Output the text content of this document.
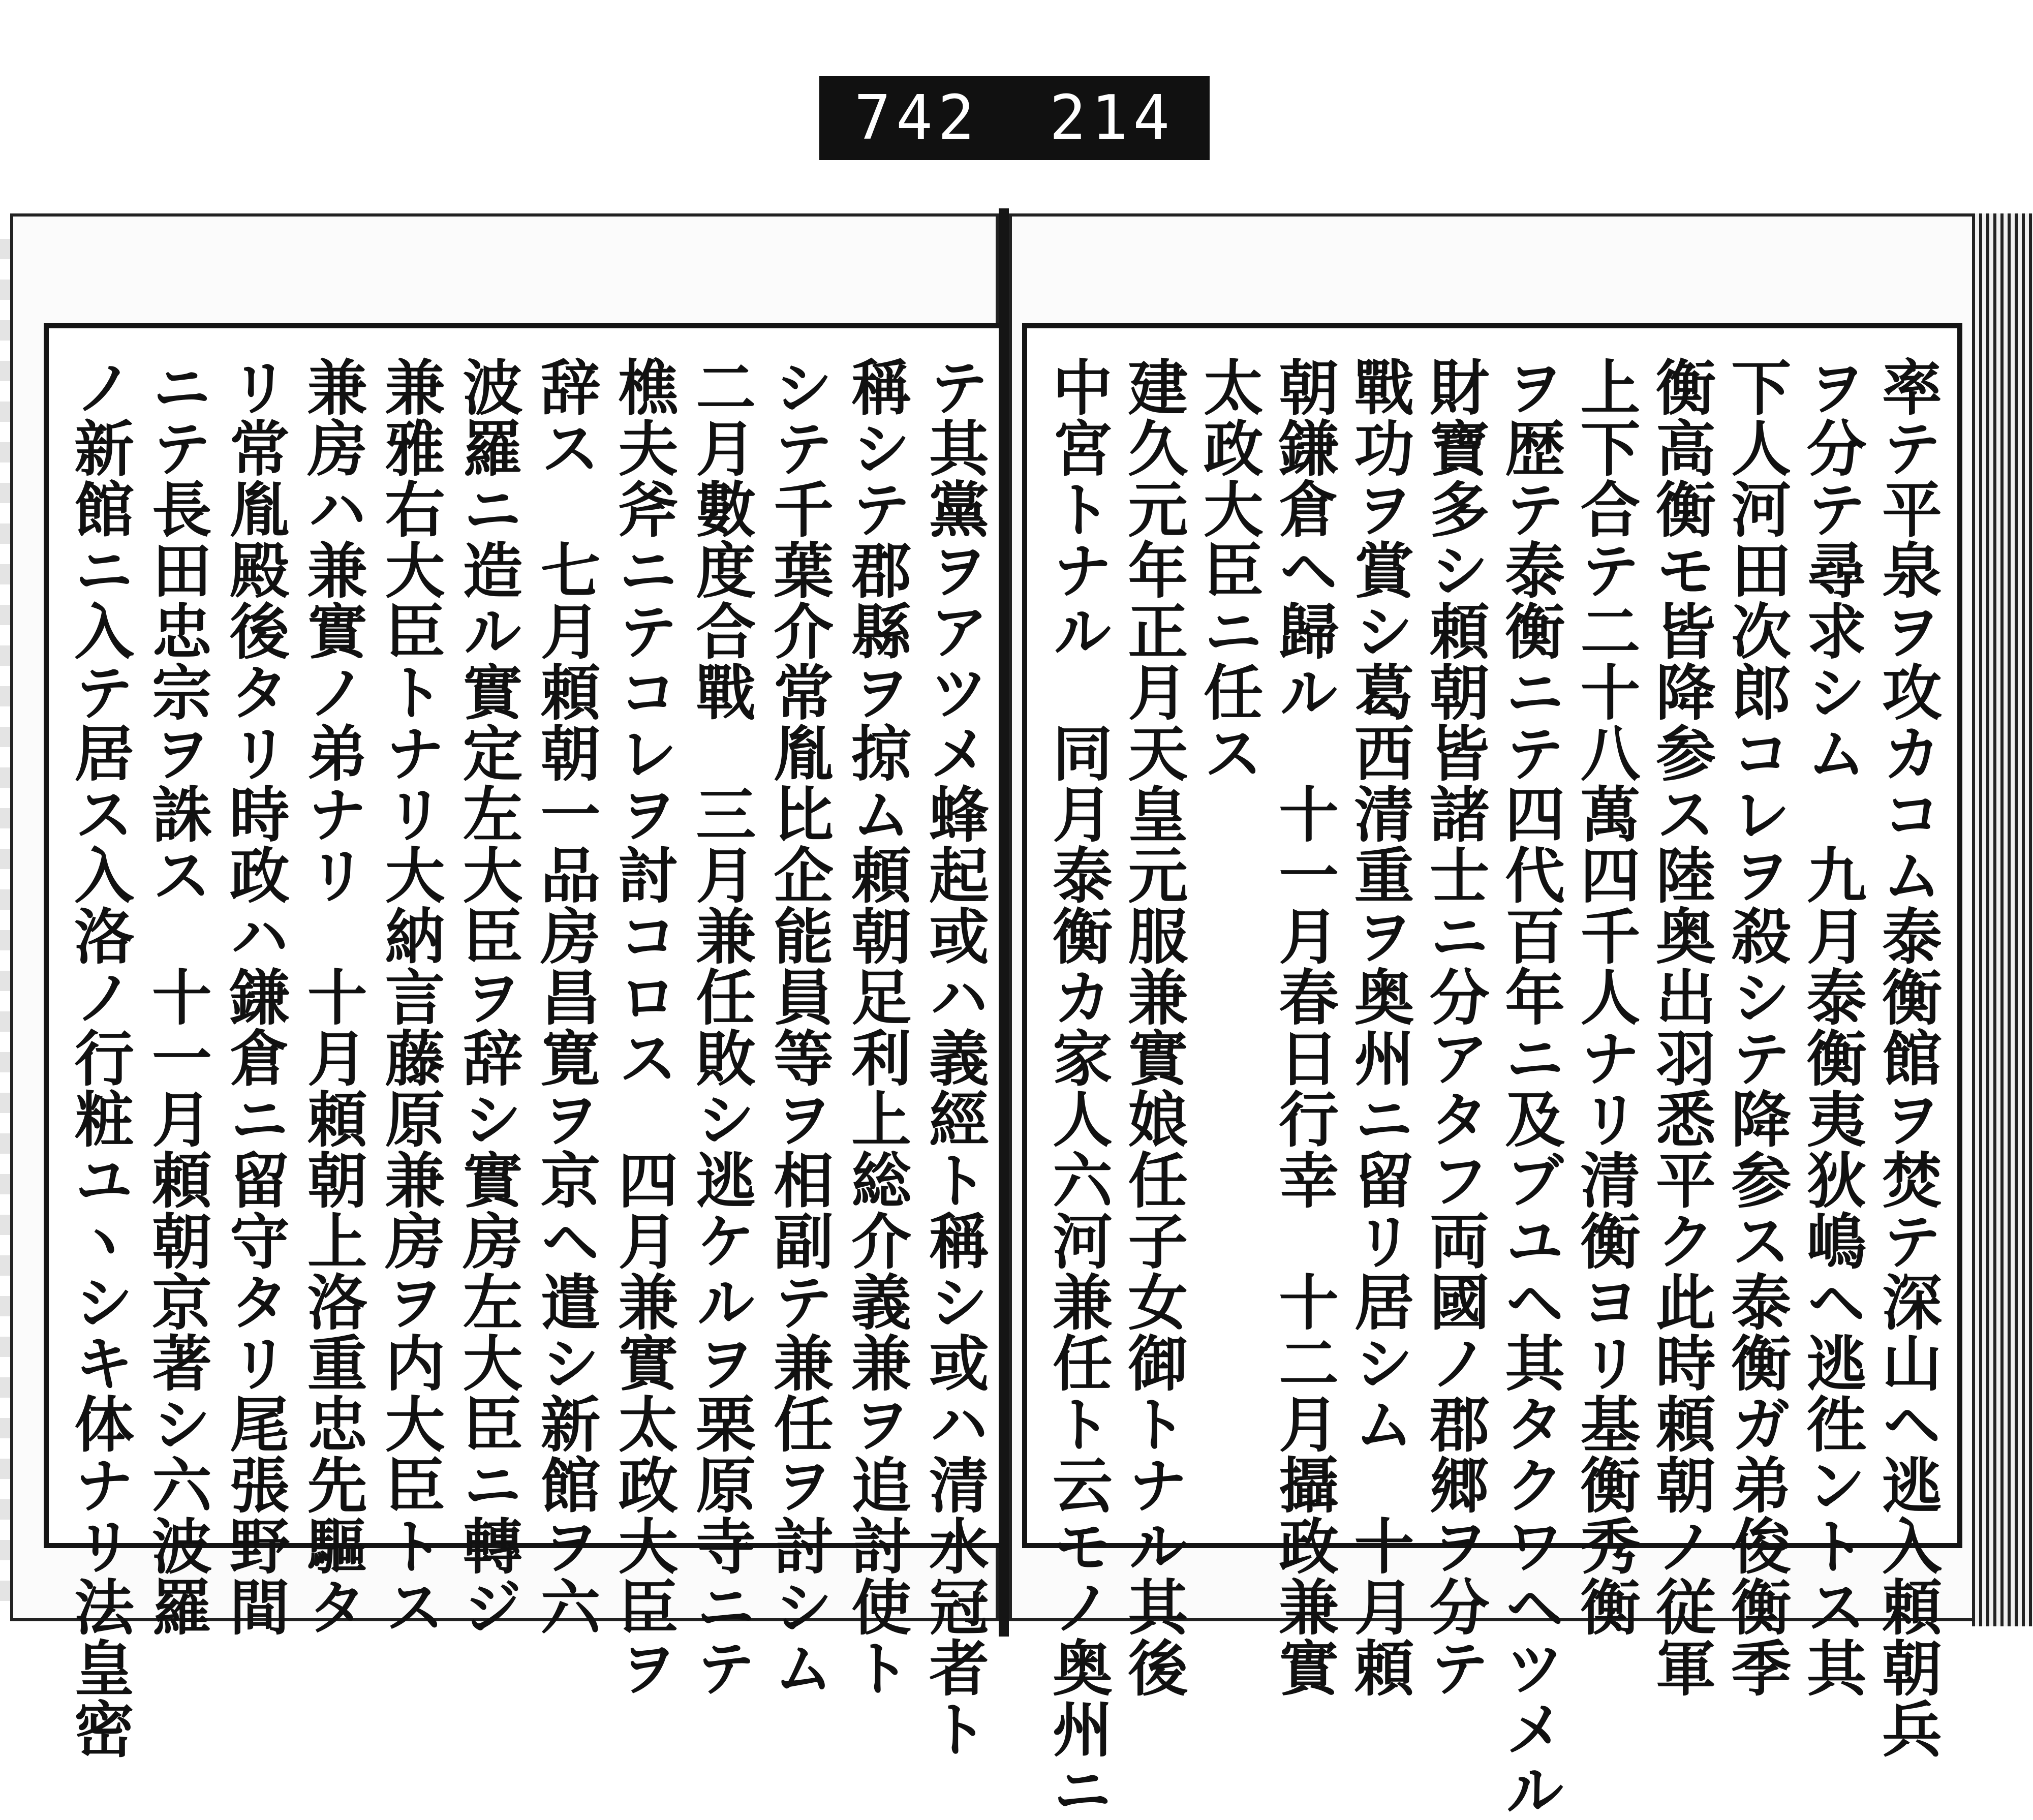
742 214
テ其黨ヲアツメ蜂起或ハ義經ト稱シ或ハ清水冠者ト
稱シテ郡縣ヲ掠ム頼朝足利上総介義兼ヲ追討使ト
シテ千葉介常胤比企能員等ヲ相副テ兼任ヲ討シム
二月數度合戰　三月兼任敗シ逃ケルヲ栗原寺ニテ
樵夫斧ニテコレヲ討コロス　四月兼實太政大臣ヲ
辞ス　七月頼朝一品房昌寛ヲ京ヘ遣シ新館ヲ六
波羅ニ造ル實定左大臣ヲ辞シ實房左大臣ニ轉ジ
兼雅右大臣トナリ大納言藤原兼房ヲ内大臣トス
兼房ハ兼實ノ弟ナリ　十月頼朝上洛重忠先驅タ
リ常胤殿後タリ時政ハ鎌倉ニ留守タリ尾張野間
ニテ長田忠宗ヲ誅ス　十一月頼朝京著シ六波羅
ノ新館ニ入テ居ス入洛ノ行粧ユヽシキ体ナリ法皇密	率テ平泉ヲ攻カコム泰衡館ヲ焚テ深山ヘ逃入頼朝兵
ヲ分テ尋求シム　九月泰衡夷狄嶋ヘ逃徃ントス其
下人河田次郎コレヲ殺シテ降参ス泰衡ガ弟俊衡季
衡高衡モ皆降参ス陸奥出羽悉平ク此時頼朝ノ従軍
上下合テ二十八萬四千人ナリ清衡ヨリ基衡秀衡
ヲ歴テ泰衡ニテ四代百年ニ及ブユヘ其タクワヘツメル
財寶多シ頼朝皆諸士ニ分アタフ両國ノ郡郷ヲ分テ
戰功ヲ賞シ葛西清重ヲ奥州ニ留リ居シム　十月頼
朝鎌倉ヘ歸ル　十一月春日行幸　十二月攝政兼實
太政大臣ニ任ス
建久元年正月天皇元服兼實娘任子女御トナル其後
中宮トナル　同月泰衡カ家人六河兼任ト云モノ奥州ニ
